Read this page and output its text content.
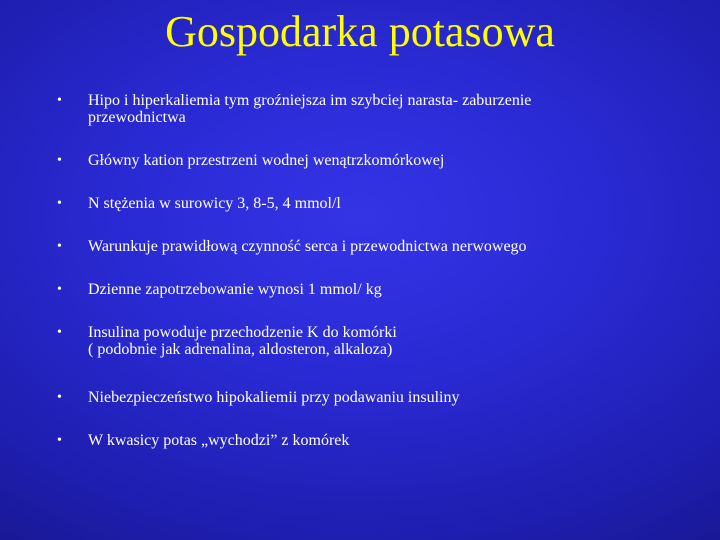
Gospodarka potasowa
• Hipo i hiperkaliemia tym groźniejsza im szybciej narasta- zaburzenie
przewodnictwa
• Główny kation przestrzeni wodnej wenątrzkomórkowej
• N stężenia w surowicy 3, 8-5, 4 mmol/l
• Warunkuje prawidłową czynność serca i przewodnictwa nerwowego
• Dzienne zapotrzebowanie wynosi 1 mmol/ kg
• Insulina powoduje przechodzenie K do komórki
( podobnie jak adrenalina, aldosteron, alkaloza)
• Niebezpieczeństwo hipokaliemii przy podawaniu insuliny
• W kwasicy potas „wychodzi” z komórek
